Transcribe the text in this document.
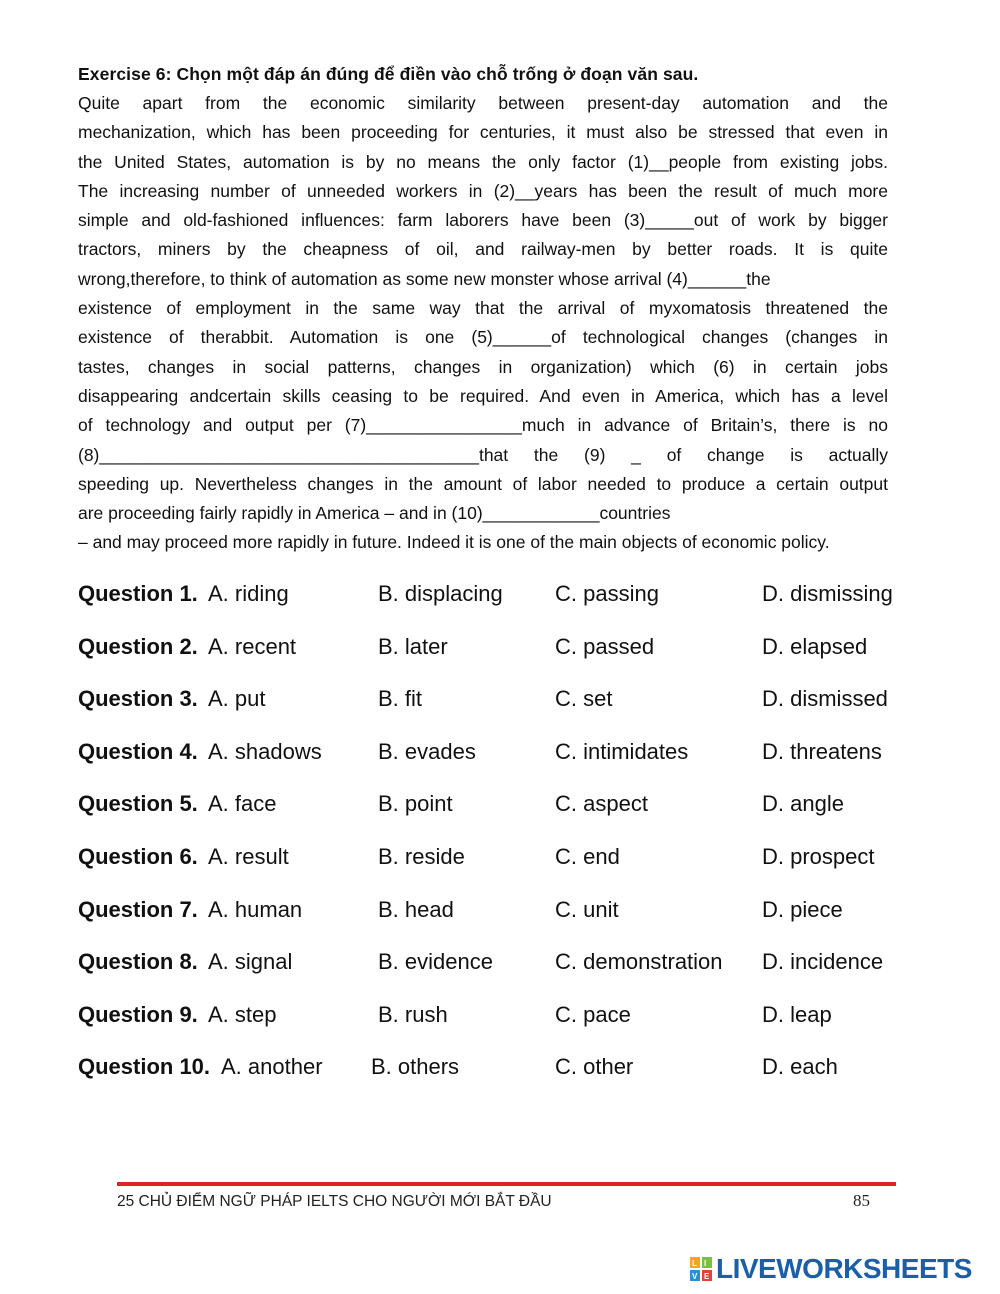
Exercise 6: Chọn một đáp án đúng để điền vào chỗ trống ở đoạn văn sau.
Quite apart from the economic similarity between present-day automation and the
mechanization, which has been proceeding for centuries, it must also be stressed that even in
the United States, automation is by no means the only factor (1)__people from existing jobs.
The increasing number of unneeded workers in (2)__years has been the result of much more
simple and old-fashioned influences: farm laborers have been (3)_____out of work by bigger
tractors, miners by the cheapness of oil, and railway-men by better roads. It is quite
wrong,therefore, to think of automation as some new monster whose arrival (4)______the
existence of employment in the same way that the arrival of myxomatosis threatened the
existence of therabbit. Automation is one (5)______of technological changes (changes in
tastes, changes in social patterns, changes in organization) which (6) in certain jobs
disappearing andcertain skills ceasing to be required. And even in America, which has a level
of technology and output per (7)________________much in advance of Britain’s, there is no
(8)_______________________________________that the (9) _ of change is actually
speeding up. Nevertheless changes in the amount of labor needed to produce a certain output
are proceeding fairly rapidly in America – and in (10)____________countries
– and may proceed more rapidly in future. Indeed it is one of the main objects of economic policy.
Question 1. A. riding	B. displacing C. passing	D. dismissing
Question 2. A. recent	B. later	C. passed	D. elapsed
Question 3. A. put	B. fit	C. set	D. dismissed
Question 4. A. shadows	B. evades	C. intimidates	D. threatens
Question 5. A. face	B. point	C. aspect	D. angle
Question 6. A. result	B. reside	C. end	D. prospect
Question 7. A. human	B. head	C. unit	D. piece
Question 8. A. signal	B. evidence	C. demonstration D. incidence
Question 9. A. step	B. rush	C. pace	D. leap
Question 10. A. another B. others	C. other	D. each
25 CHỦ ĐIỂM NGỮ PHÁP IELTS CHO NGƯỜI MỚI BẮT ĐẦU	85
L I
V E LIVEWORKSHEETS
